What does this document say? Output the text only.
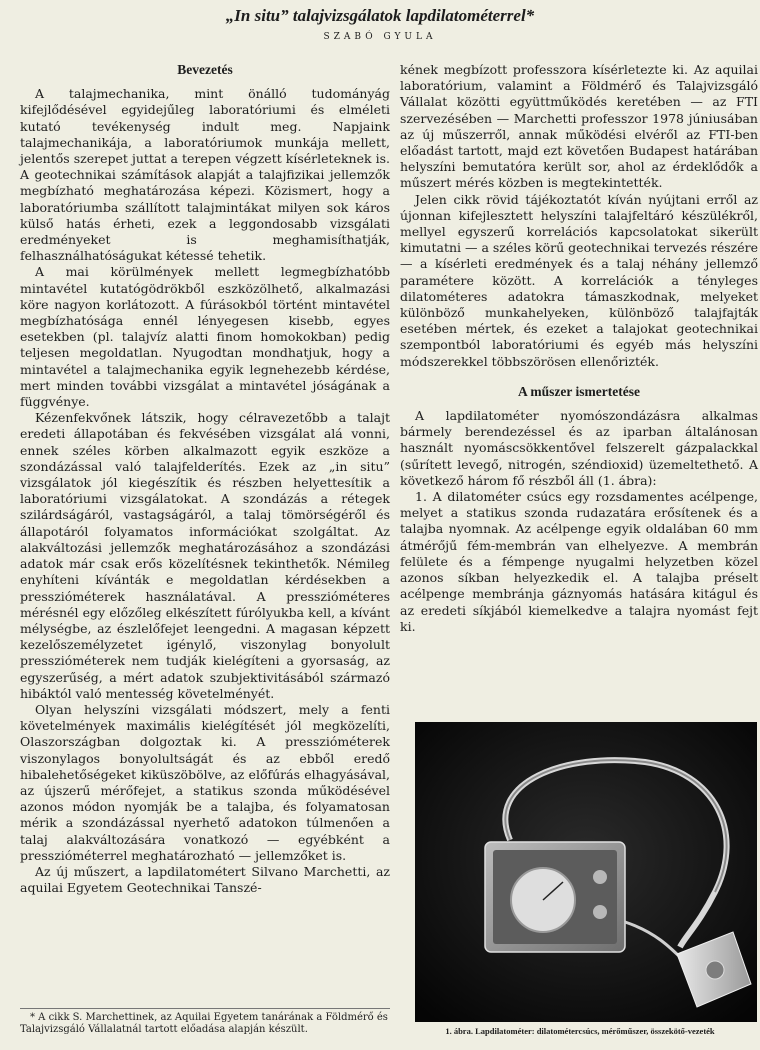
„In situ” talajvizsgálatok lapdilatométerrel*
SZABÓ GYULA
Bevezetés

A talajmechanika, mint önálló tudományág kifejlődésével egyidejűleg laboratóriumi és elméleti kutató tevékenység indult meg. Napjaink talajmechanikája, a laboratóriumok munkája mellett, jelentős szerepet juttat a terepen végzett kísérleteknek is. A geotechnikai számítások alapját a talajfizikai jellemzők megbízható meghatározása képezi. Közismert, hogy a laboratóriumba szállított talajmintákat milyen sok káros külső hatás érheti, ezek a leggondosabb vizsgálati eredményeket is meghamisíthatják, felhasználhatóságukat kétessé tehetik.

A mai körülmények mellett legmegbízhatóbb mintavétel kutatógödrökből eszközölhető, alkalmazási köre nagyon korlátozott. A fúrásokból történt mintavétel megbízhatósága ennél lényegesen kisebb, egyes esetekben (pl. talajvíz alatti finom homokokban) pedig teljesen megoldatlan. Nyugodtan mondhatjuk, hogy a mintavétel a talajmechanika egyik legnehezebb kérdése, mert minden további vizsgálat a mintavétel jóságának a függvénye.

Kézenfekvőnek látszik, hogy célravezetőbb a talajt eredeti állapotában és fekvésében vizsgálat alá vonni, ennek széles körben alkalmazott egyik eszköze a szondázással való talajfelderítés. Ezek az „in situ” vizsgálatok jól kiegészítik és részben helyettesítik a laboratóriumi vizsgálatokat. A szondázás a rétegek szilárdságáról, vastagságáról, a talaj tömörségéről és állapotáról folyamatos információkat szolgáltat. Az alakváltozási jellemzők meghatározásához a szondázási adatok már csak erős közelítésnek tekinthetők. Némileg enyhíteni kívánták e megoldatlan kérdésekben a presszióméterek használatával. A presszióméteres mérésnél egy előzőleg elkészített fúrólyukba kell, a kívánt mélységbe, az észlelőfejet leengedni. A magasan képzett kezelőszemélyzetet igénylő, viszonylag bonyolult presszióméterek nem tudják kielégíteni a gyorsaság, az egyszerűség, a mért adatok szubjektivitásából származó hibáktól való mentesség követelményét.

Olyan helyszíni vizsgálati módszert, mely a fenti követelmények maximális kielégítését jól megközelíti, Olaszországban dolgoztak ki. A presszióméterek viszonylagos bonyolultságát és az ebből eredő hibalehetőségeket kiküszöbölve, az előfúrás elhagyásával, az újszerű mérőfejet, a statikus szonda működésével azonos módon nyomják be a talajba, és folyamatosan mérik a szondázással nyerhető adatokon túlmenően a talaj alakváltozására vonatkozó — egyébként a presszióméterrel meghatározható — jellemzőket is.

Az új műszert, a lapdilatométert Silvano Marchetti, az aquilai Egyetem Geotechnikai Tanszé-

kének megbízott professzora kísérletezte ki. Az aquilai laboratórium, valamint a Földmérő és Talajvizsgáló Vállalat közötti együttműködés keretében — az FTI szervezésében — Marchetti professzor 1978 júniusában az új műszerről, annak működési elvéről az FTI-ben előadást tartott, majd ezt követően Budapest határában helyszíni bemutatóra került sor, ahol az érdeklődők a műszert mérés közben is megtekintették.

Jelen cikk rövid tájékoztatót kíván nyújtani erről az újonnan kifejlesztett helyszíni talajfeltáró készülékről, mellyel egyszerű korrelációs kapcsolatokat sikerült kimutatni — a széles körű geotechnikai tervezés részére — a kísérleti eredmények és a talaj néhány jellemző paramétere között. A korrelációk a tényleges dilatométeres adatokra támaszkodnak, melyeket különböző munkahelyeken, különböző talajfajták esetében mértek, és ezeket a talajokat geotechnikai szempontból laboratóriumi és egyéb más helyszíni módszerekkel többszörösen ellenőrizték.

A műszer ismertetése

A lapdilatométer nyomószondázásra alkalmas bármely berendezéssel és az iparban általánosan használt nyomáscsökkentővel felszerelt gázpalackkal (sűrített levegő, nitrogén, széndioxid) üzemeltethető. A következő három fő részből áll (1. ábra):

1. A dilatométer csúcs egy rozsdamentes acélpenge, melyet a statikus szonda rudazatára erősítenek és a talajba nyomnak. Az acélpenge egyik oldalában 60 mm átmérőjű fém-membrán van elhelyezve. A membrán felülete és a fémpenge nyugalmi helyzetben közel azonos síkban helyezkedik el. A talajba préselt acélpenge membránja gáznyomás hatására kitágul és az eredeti síkjából kiemelkedve a talajra nyomást fejt ki.

* A cikk S. Marchettinek, az Aquilai Egyetem tanárának a Földmérő és Talajvizsgáló Vállalatnál tartott előadása alapján készült.	1. ábra. Lapdilatométer: dilatométercsúcs, mérőműszer, összekötő-vezeték
